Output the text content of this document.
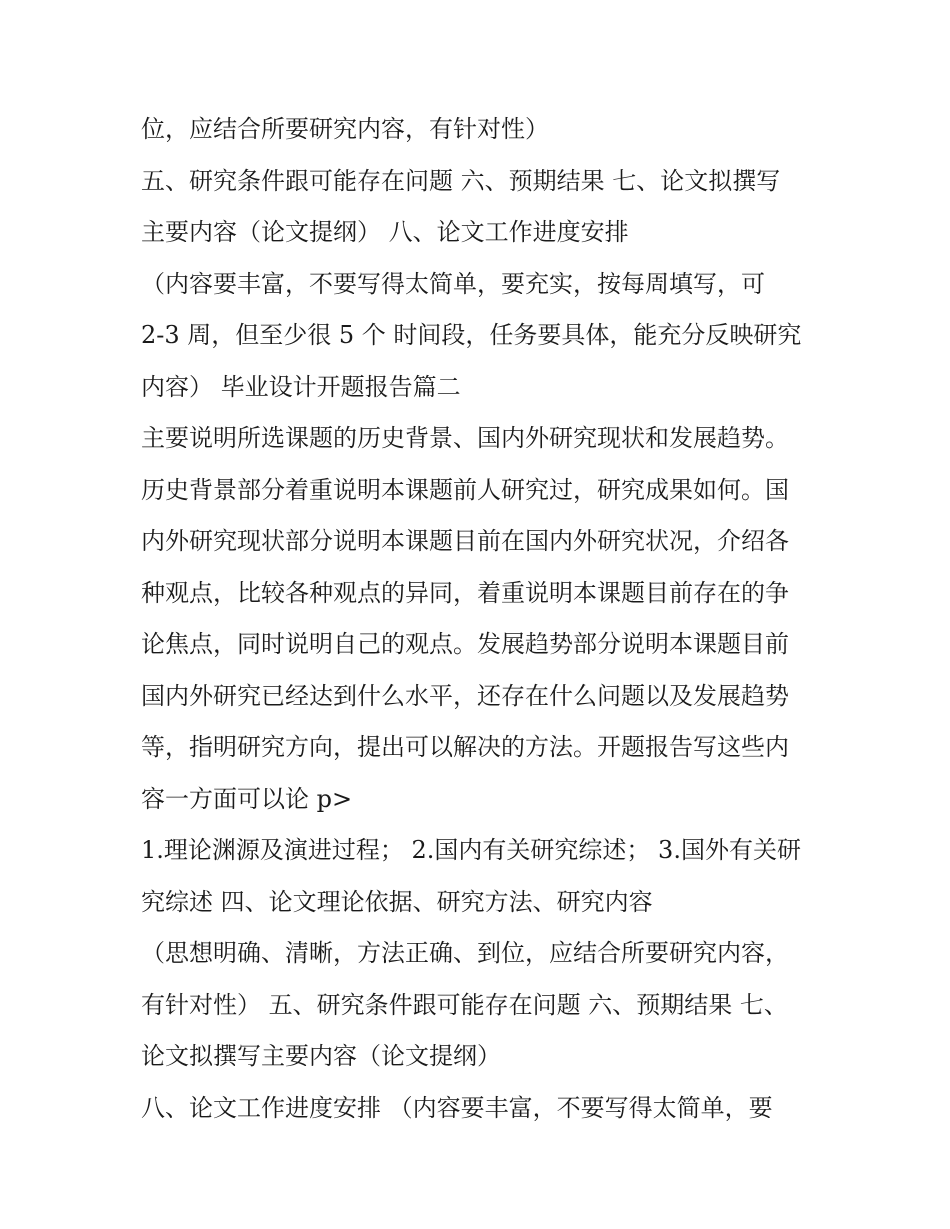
位，应结合所要研究内容，有针对性）
五、研究条件跟可能存在问题 六、预期结果 七、论文拟撰写
主要内容（论文提纲） 八、论文工作进度安排
（内容要丰富，不要写得太简单，要充实，按每周填写，可
2-3 周，但至少很 5 个 时间段，任务要具体，能充分反映研究
内容） 毕业设计开题报告篇二
主要说明所选课题的历史背景、国内外研究现状和发展趋势。
历史背景部分着重说明本课题前人研究过，研究成果如何。国
内外研究现状部分说明本课题目前在国内外研究状况，介绍各
种观点，比较各种观点的异同，着重说明本课题目前存在的争
论焦点，同时说明自己的观点。发展趋势部分说明本课题目前
国内外研究已经达到什么水平，还存在什么问题以及发展趋势
等，指明研究方向，提出可以解决的方法。开题报告写这些内
容一方面可以论 p>
1.理论渊源及演进过程； 2.国内有关研究综述； 3.国外有关研
究综述 四、论文理论依据、研究方法、研究内容
（思想明确、清晰，方法正确、到位，应结合所要研究内容，
有针对性） 五、研究条件跟可能存在问题 六、预期结果 七、
论文拟撰写主要内容（论文提纲）
八、论文工作进度安排 （内容要丰富，不要写得太简单，要
